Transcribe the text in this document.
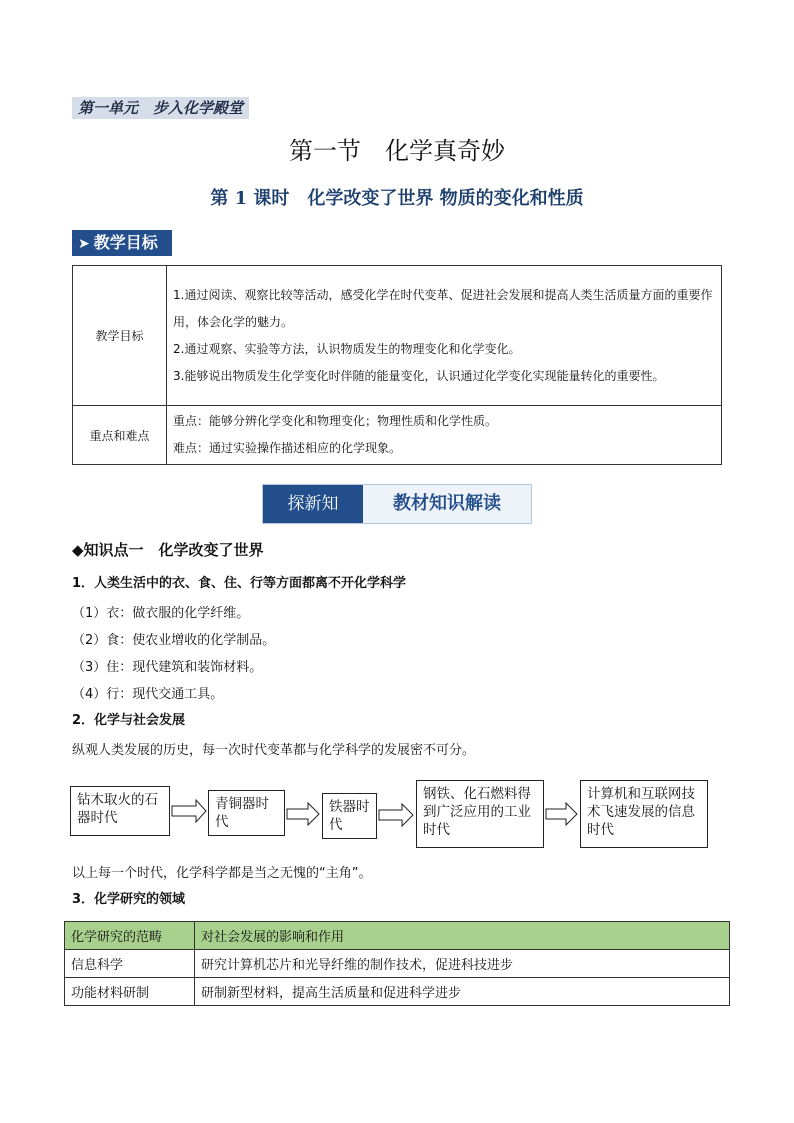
第一单元　步入化学殿堂
第一节　化学真奇妙
第 1 课时　化学改变了世界 物质的变化和性质
➤ 教学目标
教学目标	1.通过阅读、观察比较等活动，感受化学在时代变革、促进社会发展和提高人类生活质量方面的重要作用，体会化学的魅力。

2.通过观察、实验等方法，认识物质发生的物理变化和化学变化。

3.能够说出物质发生化学变化时伴随的能量变化，认识通过化学变化实现能量转化的重要性。

重点和难点	重点：能够分辨化学变化和物理变化；物理性质和化学性质。

难点：通过实验操作描述相应的化学现象。

探新知	教材知识解读
◆知识点一　化学改变了世界
1．人类生活中的衣、食、住、行等方面都离不开化学科学
（1）衣：做衣服的化学纤维。
（2）食：使农业增收的化学制品。
（3）住：现代建筑和装饰材料。
（4）行：现代交通工具。
2．化学与社会发展
纵观人类发展的历史，每一次时代变革都与化学科学的发展密不可分。
钻木取火的石器时代
青铜器时代
铁器时代
钢铁、化石燃料得到广泛应用的工业时代
计算机和互联网技术飞速发展的信息时代
以上每一个时代，化学科学都是当之无愧的“主角”。
3．化学研究的领域
化学研究的范畴	对社会发展的影响和作用
信息科学	研究计算机芯片和光导纤维的制作技术，促进科技进步
功能材料研制	研制新型材料，提高生活质量和促进科学进步
